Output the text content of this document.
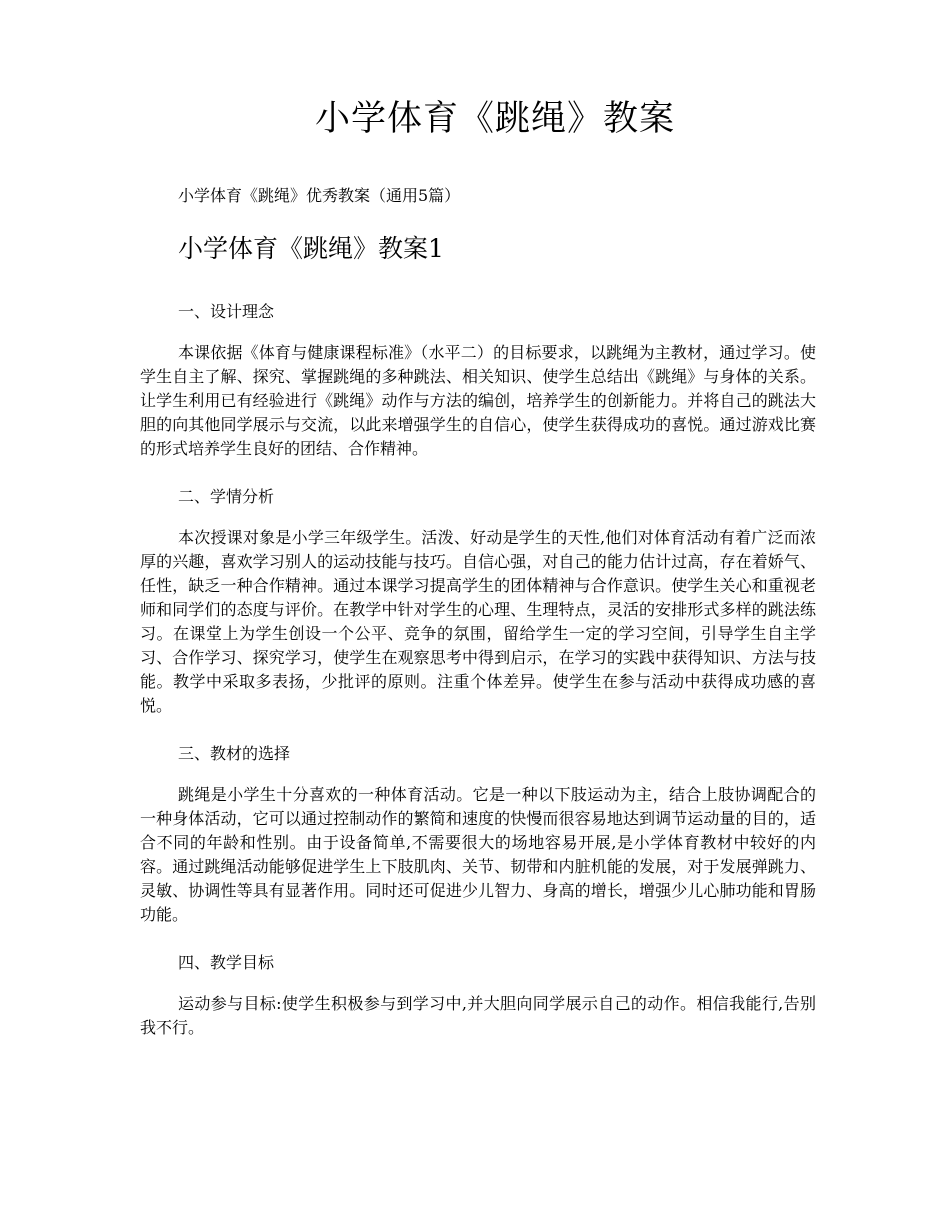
小学体育《跳绳》教案

小学体育《跳绳》优秀教案（通用5篇）

小学体育《跳绳》教案1

一、设计理念

本课依据《体育与健康课程标准》（水平二）的目标要求，以跳绳为主教材，通过学习。使学生自主了解、探究、掌握跳绳的多种跳法、相关知识、使学生总结出《跳绳》与身体的关系。让学生利用已有经验进行《跳绳》动作与方法的编创，培养学生的创新能力。并将自己的跳法大胆的向其他同学展示与交流，以此来增强学生的自信心，使学生获得成功的喜悦。通过游戏比赛的形式培养学生良好的团结、合作精神。

二、学情分析

本次授课对象是小学三年级学生。活泼、好动是学生的天性,他们对体育活动有着广泛而浓厚的兴趣，喜欢学习别人的运动技能与技巧。自信心强，对自己的能力估计过高，存在着娇气、任性，缺乏一种合作精神。通过本课学习提高学生的团体精神与合作意识。使学生关心和重视老师和同学们的态度与评价。在教学中针对学生的心理、生理特点，灵活的安排形式多样的跳法练习。在课堂上为学生创设一个公平、竞争的氛围，留给学生一定的学习空间，引导学生自主学习、合作学习、探究学习，使学生在观察思考中得到启示，在学习的实践中获得知识、方法与技能。教学中采取多表扬，少批评的原则。注重个体差异。使学生在参与活动中获得成功感的喜悦。

三、教材的选择

跳绳是小学生十分喜欢的一种体育活动。它是一种以下肢运动为主，结合上肢协调配合的一种身体活动，它可以通过控制动作的繁简和速度的快慢而很容易地达到调节运动量的目的，适合不同的年龄和性别。由于设备简单,不需要很大的场地容易开展,是小学体育教材中较好的内容。通过跳绳活动能够促进学生上下肢肌肉、关节、韧带和内脏机能的发展，对于发展弹跳力、灵敏、协调性等具有显著作用。同时还可促进少儿智力、身高的增长，增强少儿心肺功能和胃肠功能。

四、教学目标

运动参与目标:使学生积极参与到学习中,并大胆向同学展示自己的动作。相信我能行,告别我不行。
